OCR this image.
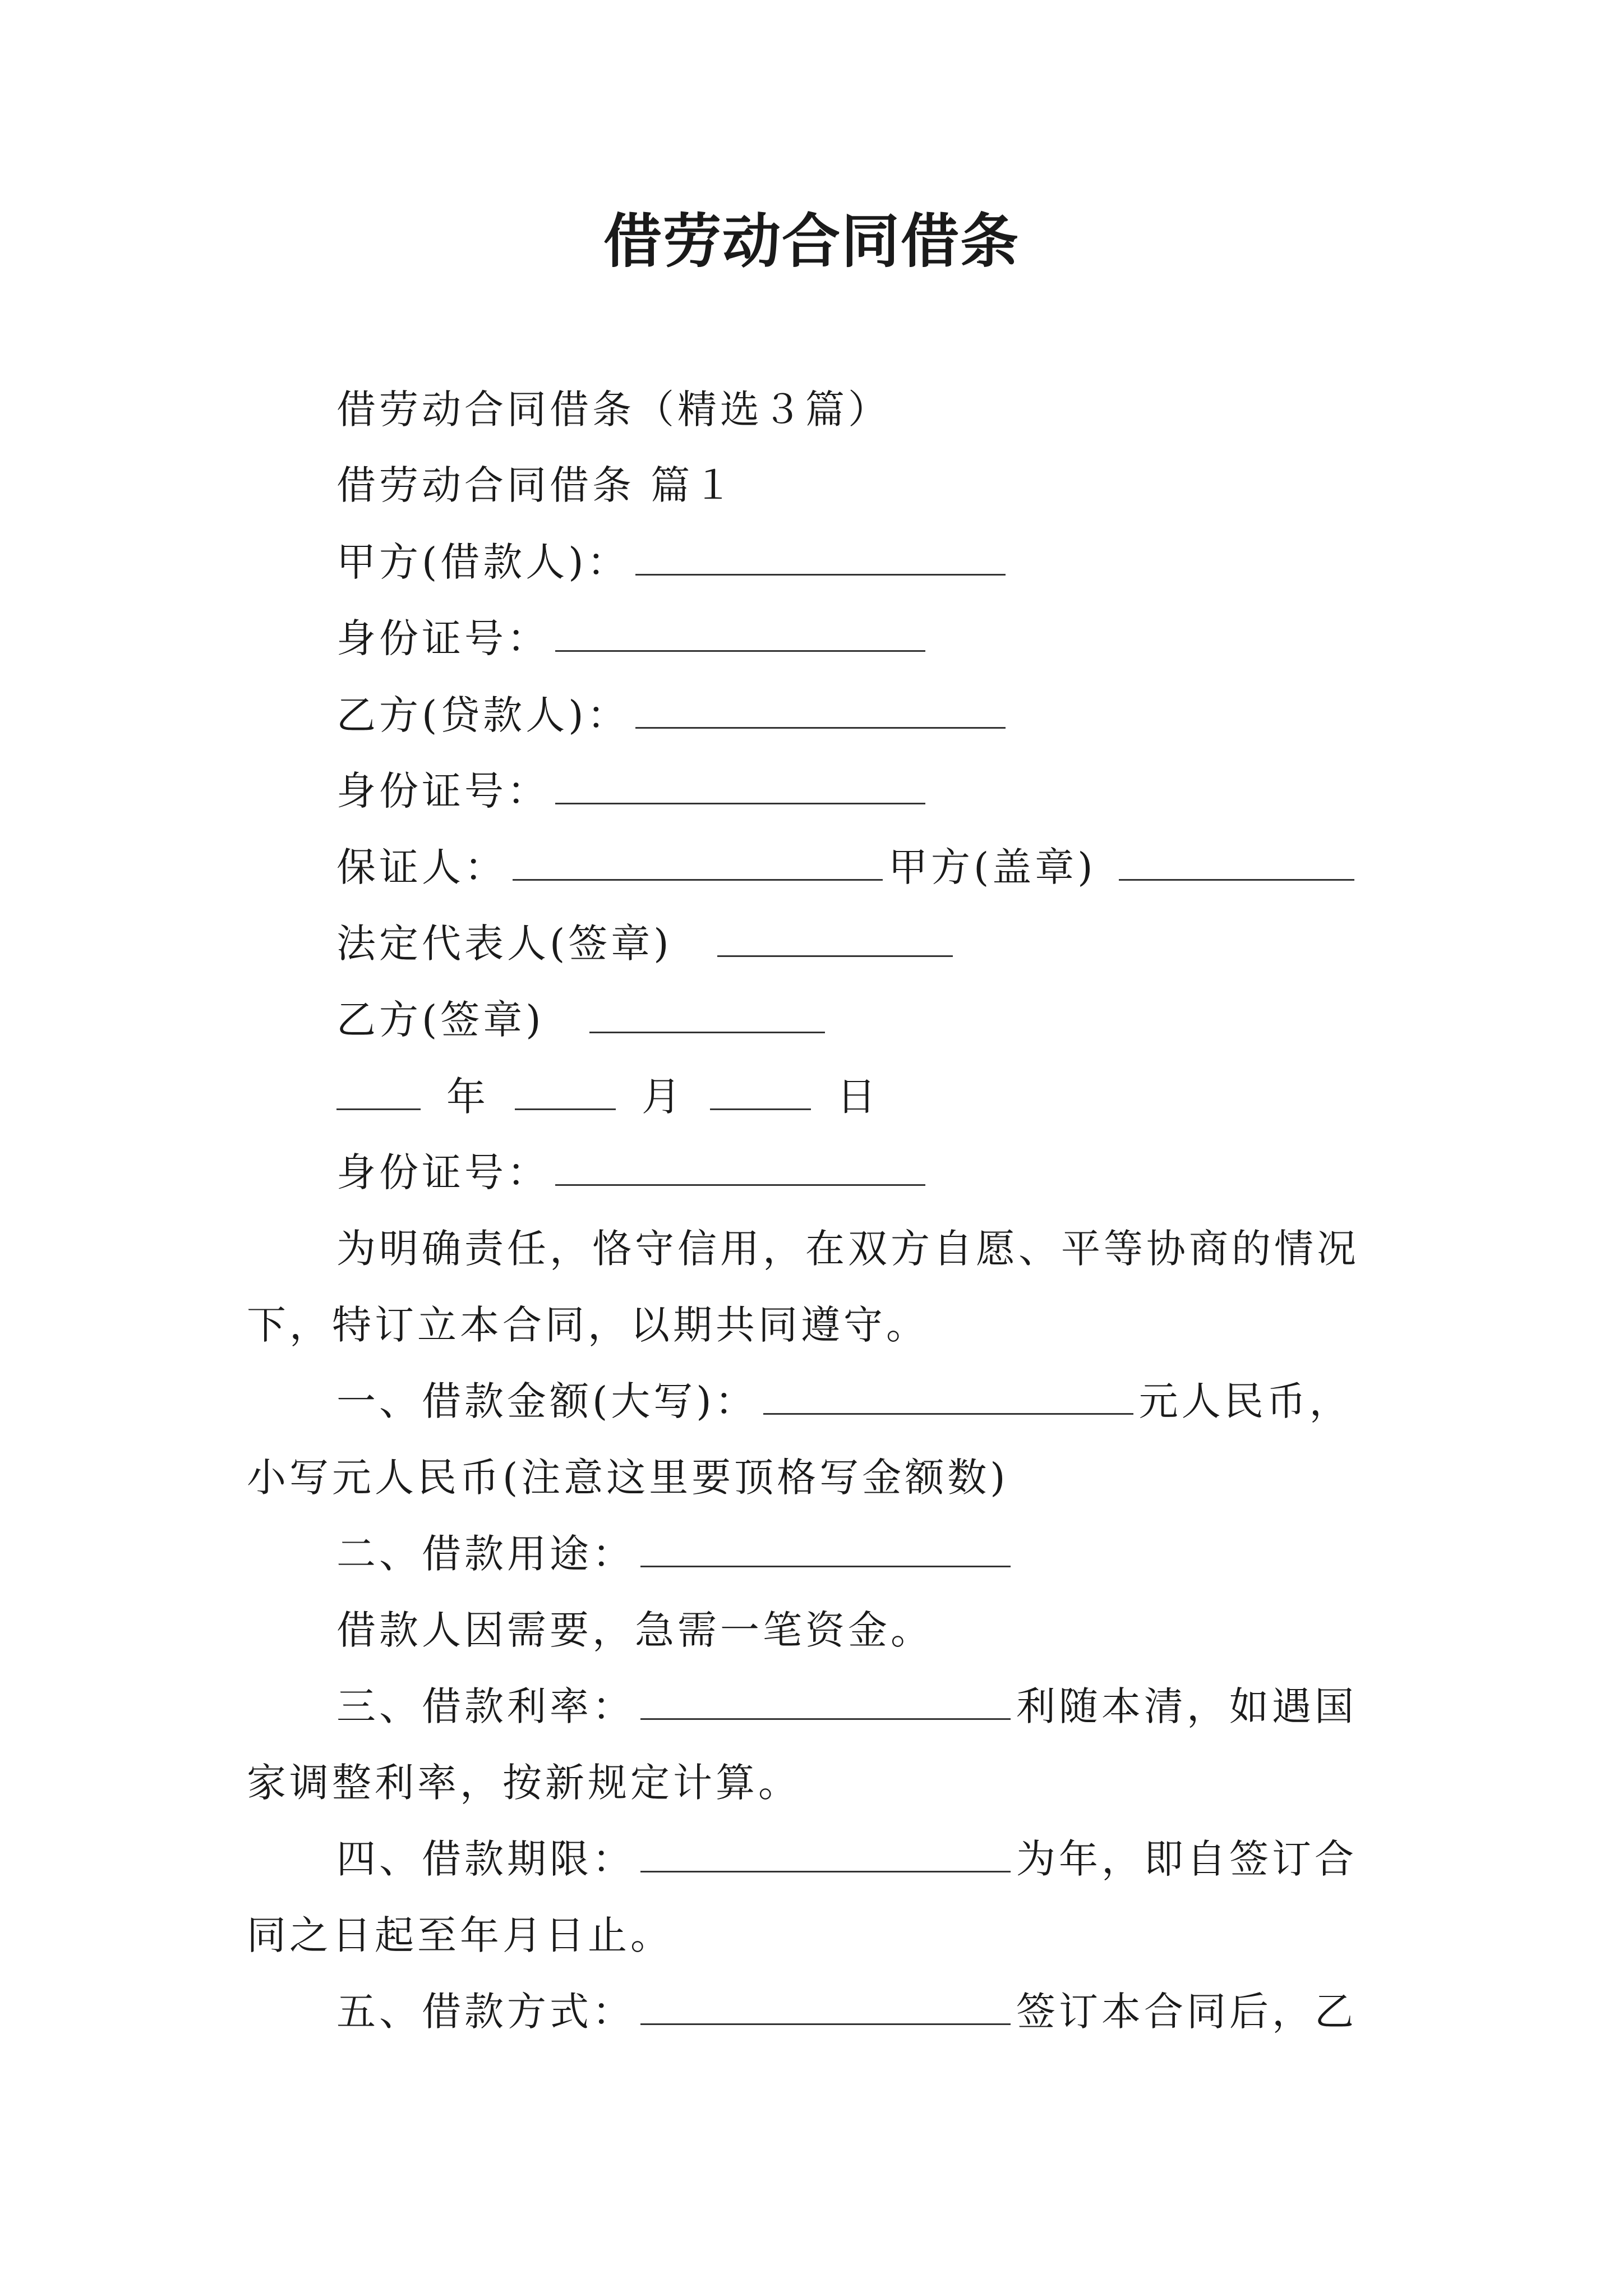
借劳动合同借条
借劳动合同借条（精选３篇）
借劳动合同借条 篇１
甲方(借款人)：
身份证号：
乙方(贷款人)：
身份证号：
保证人：	甲方(盖章)
法定代表人(签章)
乙方(签章)
年	月	日
身份证号：
为明确责任，恪守信用，在双方自愿、平等协商的情况
下，特订立本合同，以期共同遵守。
一、借款金额(大写)：	元人民币，
小写元人民币(注意这里要顶格写金额数)
二、借款用途：
借款人因需要，急需一笔资金。
三、借款利率：	利随本清，如遇国
家调整利率，按新规定计算。
四、借款期限：	为年，即自签订合
同之日起至年月日止。
五、借款方式：	签订本合同后，乙
